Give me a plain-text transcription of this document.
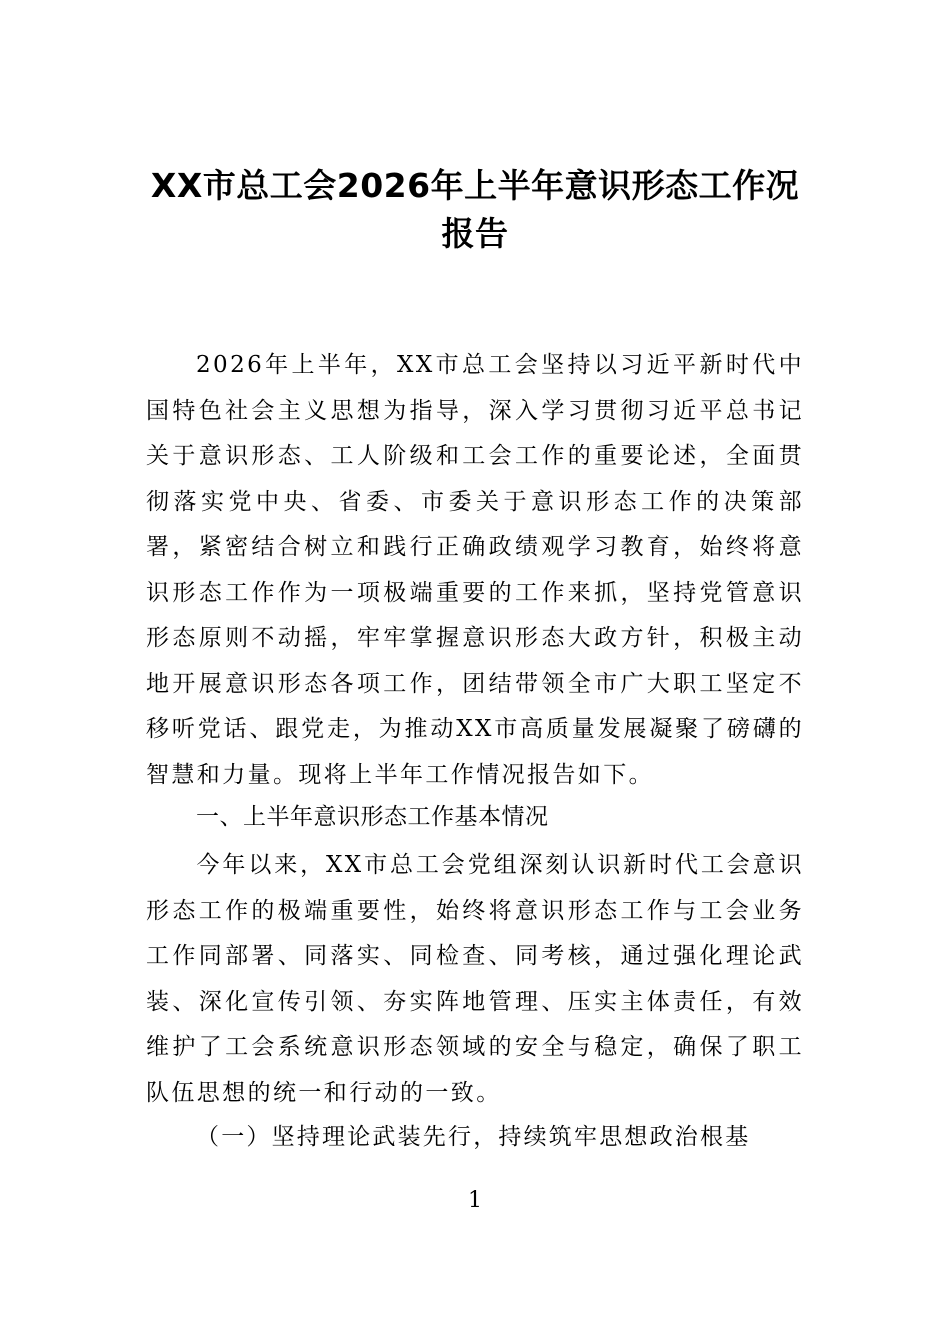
XX市总工会2026年上半年意识形态工作况
报告

2026年上半年，XX市总工会坚持以习近平新时代中国特色社会主义思想为指导，深入学习贯彻习近平总书记关于意识形态、工人阶级和工会工作的重要论述，全面贯彻落实党中央、省委、市委关于意识形态工作的决策部署，紧密结合树立和践行正确政绩观学习教育，始终将意识形态工作作为一项极端重要的工作来抓，坚持党管意识形态原则不动摇，牢牢掌握意识形态大政方针，积极主动地开展意识形态各项工作，团结带领全市广大职工坚定不移听党话、跟党走，为推动XX市高质量发展凝聚了磅礴的智慧和力量。现将上半年工作情况报告如下。

一、上半年意识形态工作基本情况

今年以来，XX市总工会党组深刻认识新时代工会意识形态工作的极端重要性，始终将意识形态工作与工会业务工作同部署、同落实、同检查、同考核，通过强化理论武装、深化宣传引领、夯实阵地管理、压实主体责任，有效维护了工会系统意识形态领域的安全与稳定，确保了职工队伍思想的统一和行动的一致。

（一）坚持理论武装先行，持续筑牢思想政治根基
1
